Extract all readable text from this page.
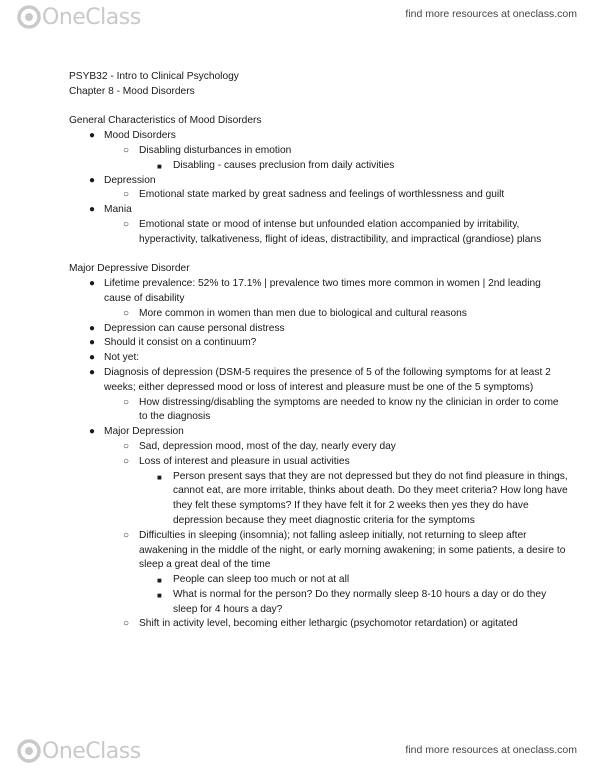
OneClass	find more resources at oneclass.com

PSYB32 - Intro to Clinical Psychology

Chapter 8 - Mood Disorders

General Characteristics of Mood Disorders

● Mood Disorders
○ Disabling disturbances in emotion
■ Disabling - causes preclusion from daily activities
● Depression
○ Emotional state marked by great sadness and feelings of worthlessness and guilt
● Mania
○ Emotional state or mood of intense but unfounded elation accompanied by irritability, hyperactivity, talkativeness, flight of ideas, distractibility, and impractical (grandiose) plans

Major Depressive Disorder

● Lifetime prevalence: 52% to 17.1% | prevalence two times more common in women | 2nd leading cause of disability
○ More common in women than men due to biological and cultural reasons
● Depression can cause personal distress
● Should it consist on a continuum?
● Not yet:
● Diagnosis of depression (DSM-5 requires the presence of 5 of the following symptoms for at least 2 weeks; either depressed mood or loss of interest and pleasure must be one of the 5 symptoms)
○ How distressing/disabling the symptoms are needed to know ny the clinician in order to come to the diagnosis
● Major Depression
○ Sad, depression mood, most of the day, nearly every day
○ Loss of interest and pleasure in usual activities
■ Person present says that they are not depressed but they do not find pleasure in things, cannot eat, are more irritable, thinks about death. Do they meet criteria? How long have they felt these symptoms? If they have felt it for 2 weeks then yes they do have depression because they meet diagnostic criteria for the symptoms
○ Difficulties in sleeping (insomnia); not falling asleep initially, not returning to sleep after awakening in the middle of the night, or early morning awakening; in some patients, a desire to sleep a great deal of the time
■ People can sleep too much or not at all
■ What is normal for the person? Do they normally sleep 8-10 hours a day or do they sleep for 4 hours a day?
○ Shift in activity level, becoming either lethargic (psychomotor retardation) or agitated
OneClass	find more resources at oneclass.com
